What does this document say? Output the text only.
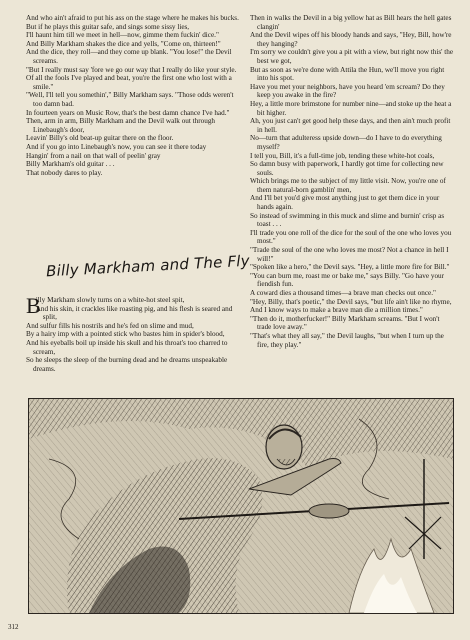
And who ain't afraid to put his ass on the stage where he makes his bucks.
But if he plays this guitar safe, and sings some sissy lies,
I'll haunt him till we meet in hell—now, gimme them fuckin' dice."
And Billy Markham shakes the dice and yells, "Come on, thirteen!"
And the dice, they roll—and they come up blank. "You lose!" the Devil screams.
"But I really must say 'fore we go our way that I really do like your style.
Of all the fools I've played and beat, you're the first one who lost with a smile."
"Well, I'll tell you somethin'," Billy Markham says. "Those odds weren't too damn bad.
In fourteen years on Music Row, that's the best damn chance I've had."
Then, arm in arm, Billy Markham and the Devil walk out through Linebaugh's door,
Leavin' Billy's old beat-up guitar there on the floor.
And if you go into Linebaugh's now, you can see it there today
Hangin' from a nail on that wall of peelin' gray
Billy Markham's old guitar . . .
That nobody dares to play.
Billy Markham and The Fly
B
illy Markham slowly turns on a white-hot steel spit,
And his skin, it crackles like roasting pig, and his flesh is seared and split,
And sulfur fills his nostrils and he's fed on slime and mud,
By a hairy imp with a pointed stick who bastes him in spider's blood,
And his eyeballs boil up inside his skull and his throat's too charred to scream,
So he sleeps the sleep of the burning dead and he dreams unspeakable dreams.
Then in walks the Devil in a big yellow hat as Bill hears the hell gates clangin'
And the Devil wipes off his bloody hands and says, "Hey, Bill, how're they hanging?
I'm sorry we couldn't give you a pit with a view, but right now this' the best we got,
But as soon as we're done with Attila the Hun, we'll move you right into his spot.
Have you met your neighbors, have you heard 'em scream? Do they keep you awake in the fire?
Hey, a little more brimstone for number nine—and stoke up the heat a bit higher.
Ah, you just can't get good help these days, and then ain't much profit in hell.
No—turn that adulteress upside down—do I have to do everything myself?
I tell you, Bill, it's a full-time job, tending these white-hot coals,
So damn busy with paperwork, I hardly got time for collecting new souls.
Which brings me to the subject of my little visit. Now, you're one of them natural-born gamblin' men,
And I'll bet you'd give most anything just to get them dice in your hands again.
So instead of swimming in this muck and slime and burnin' crisp as toast . . .
I'll trade you one roll of the dice for the soul of the one who loves you most."
"Trade the soul of the one who loves me most? Not a chance in hell I will!"
"Spoken like a hero," the Devil says. "Hey, a little more fire for Bill."
"You can burn me, roast me or bake me," says Billy. "Go have your fiendish fun.
A coward dies a thousand times—a brave man checks out once."
"Hey, Billy, that's poetic," the Devil says, "but life ain't like no rhyme,
And I know ways to make a brave man die a million times."
"Then do it, motherfucker!" Billy Markham screams. "But I won't trade love away."
"That's what they all say," the Devil laughs, "but when I turn up the fire, they play."
312
